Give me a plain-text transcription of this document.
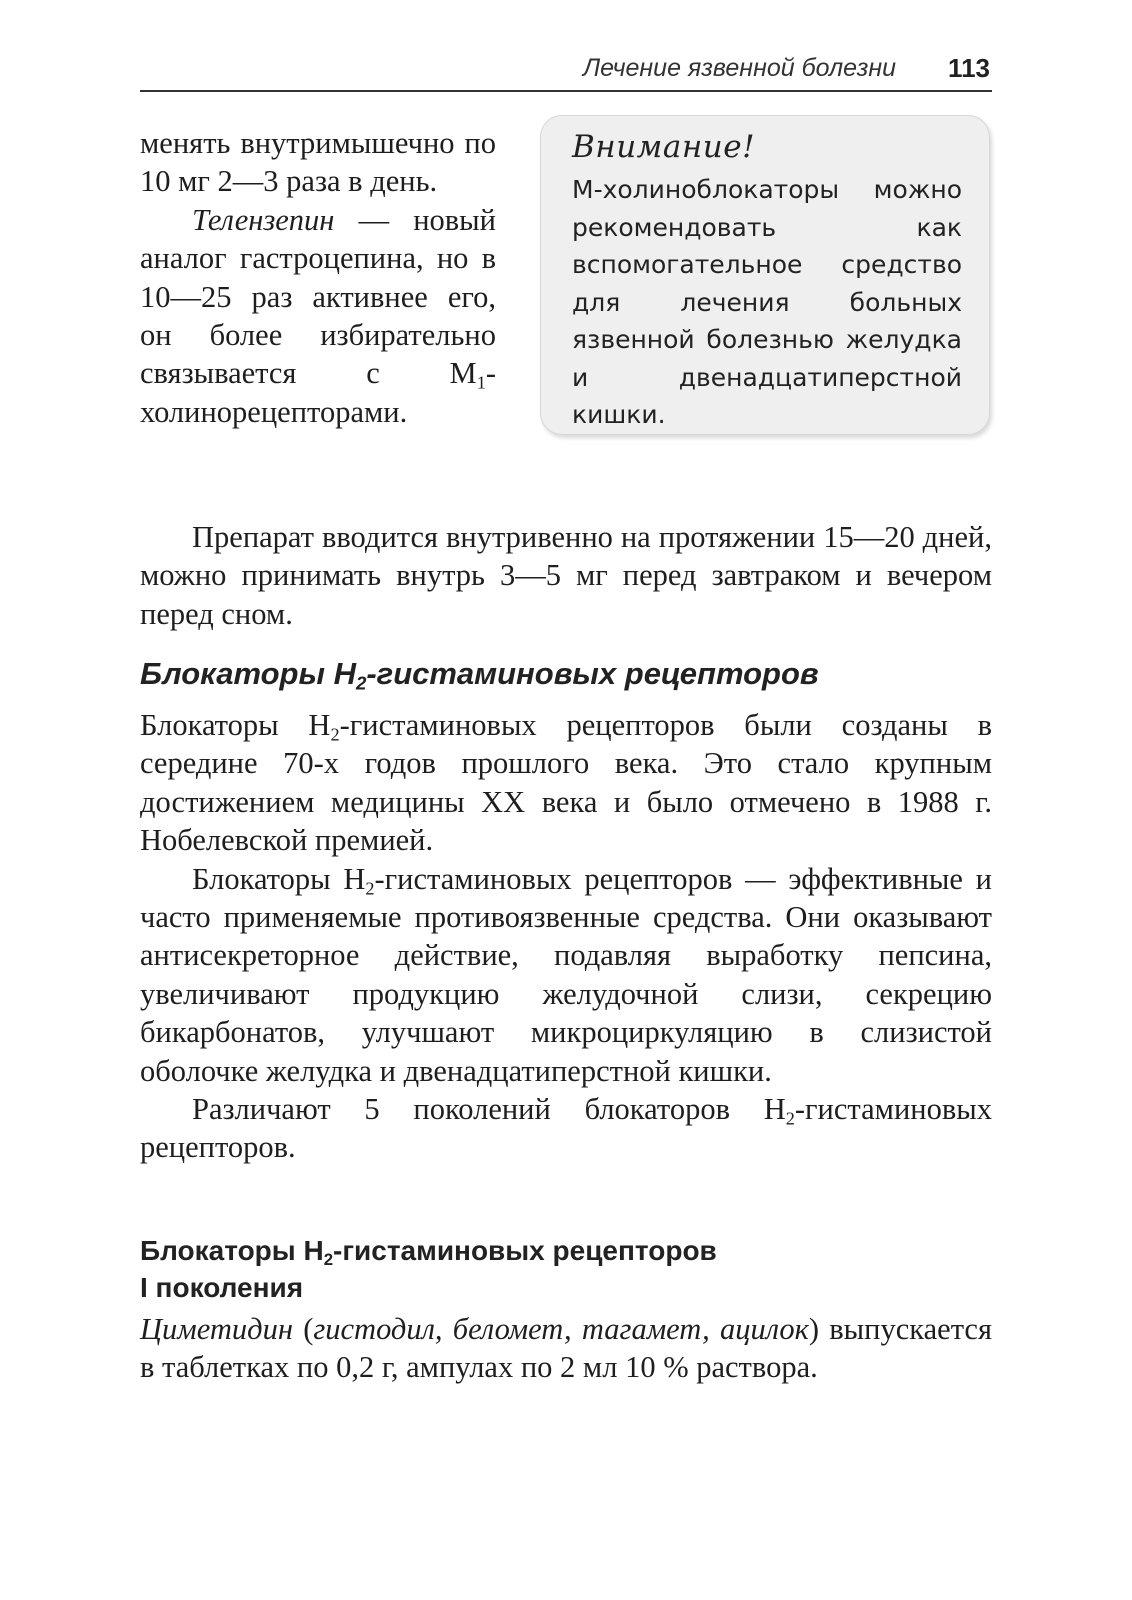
Лечение язвенной болезни 113

менять внутримышечно по 10 мг 2—3 раза в день.

Телензепин — новый аналог гастроцепина, но в 10—25 раз активнее его, он более избирательно связывается с $М_1$-холинорецепторами.

Внимание!
М-холиноблокаторы можно рекомендовать как вспомогательное средство для лечения больных язвенной болезнью желудка и двенадцатиперстной кишки.

Препарат вводится внутривенно на протяжении 15—20 дней, можно принимать внутрь 3—5 мг перед завтраком и вечером перед сном.

Блокаторы $Н_2$-гистаминовых рецепторов

Блокаторы $Н_2$-гистаминовых рецепторов были созданы в середине 70-х годов прошлого века. Это стало крупным достижением медицины XX века и было отмечено в 1988 г. Нобелевской премией.

Блокаторы $Н_2$-гистаминовых рецепторов — эффективные и часто применяемые противоязвенные средства. Они оказывают антисекреторное действие, подавляя выработку пепсина, увеличивают продукцию желудочной слизи, секрецию бикарбонатов, улучшают микроциркуляцию в слизистой оболочке желудка и двенадцатиперстной кишки.

Различают 5 поколений блокаторов $Н_2$-гистаминовых рецепторов.

Блокаторы $Н_2$-гистаминовых рецепторов
I поколения

Циметидин (гистодил, беломет, тагамет, ацилок) выпускается в таблетках по 0,2 г, ампулах по 2 мл 10 % раствора.
